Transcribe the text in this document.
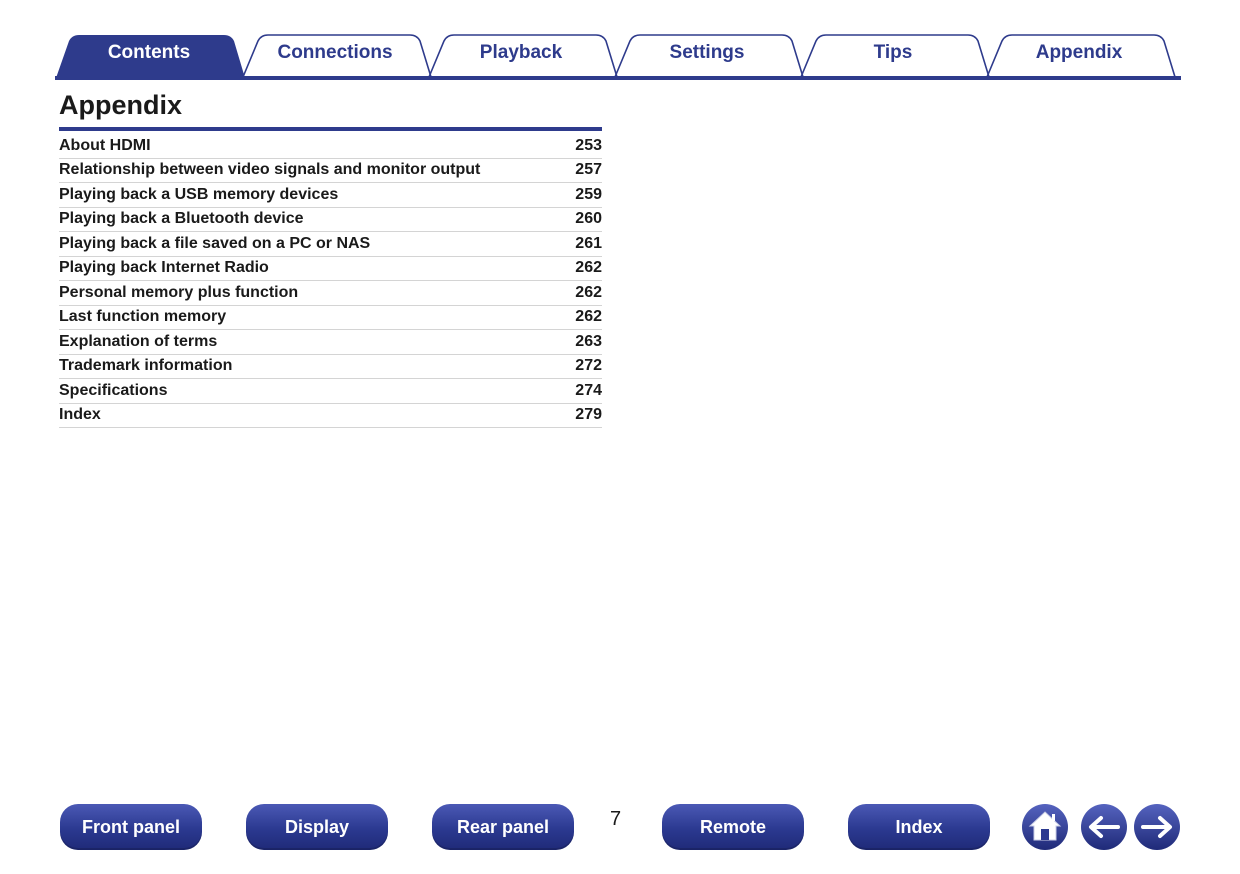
Contents	Connections	Playback	Settings	Tips	Appendix
Appendix
About HDMI	253
Relationship between video signals and monitor output	257
Playing back a USB memory devices	259
Playing back a Bluetooth device	260
Playing back a file saved on a PC or NAS	261
Playing back Internet Radio	262
Personal memory plus function	262
Last function memory	262
Explanation of terms	263
Trademark information	272
Specifications	274
Index	279
Front panel	Display	Rear panel	7	Remote	Index
